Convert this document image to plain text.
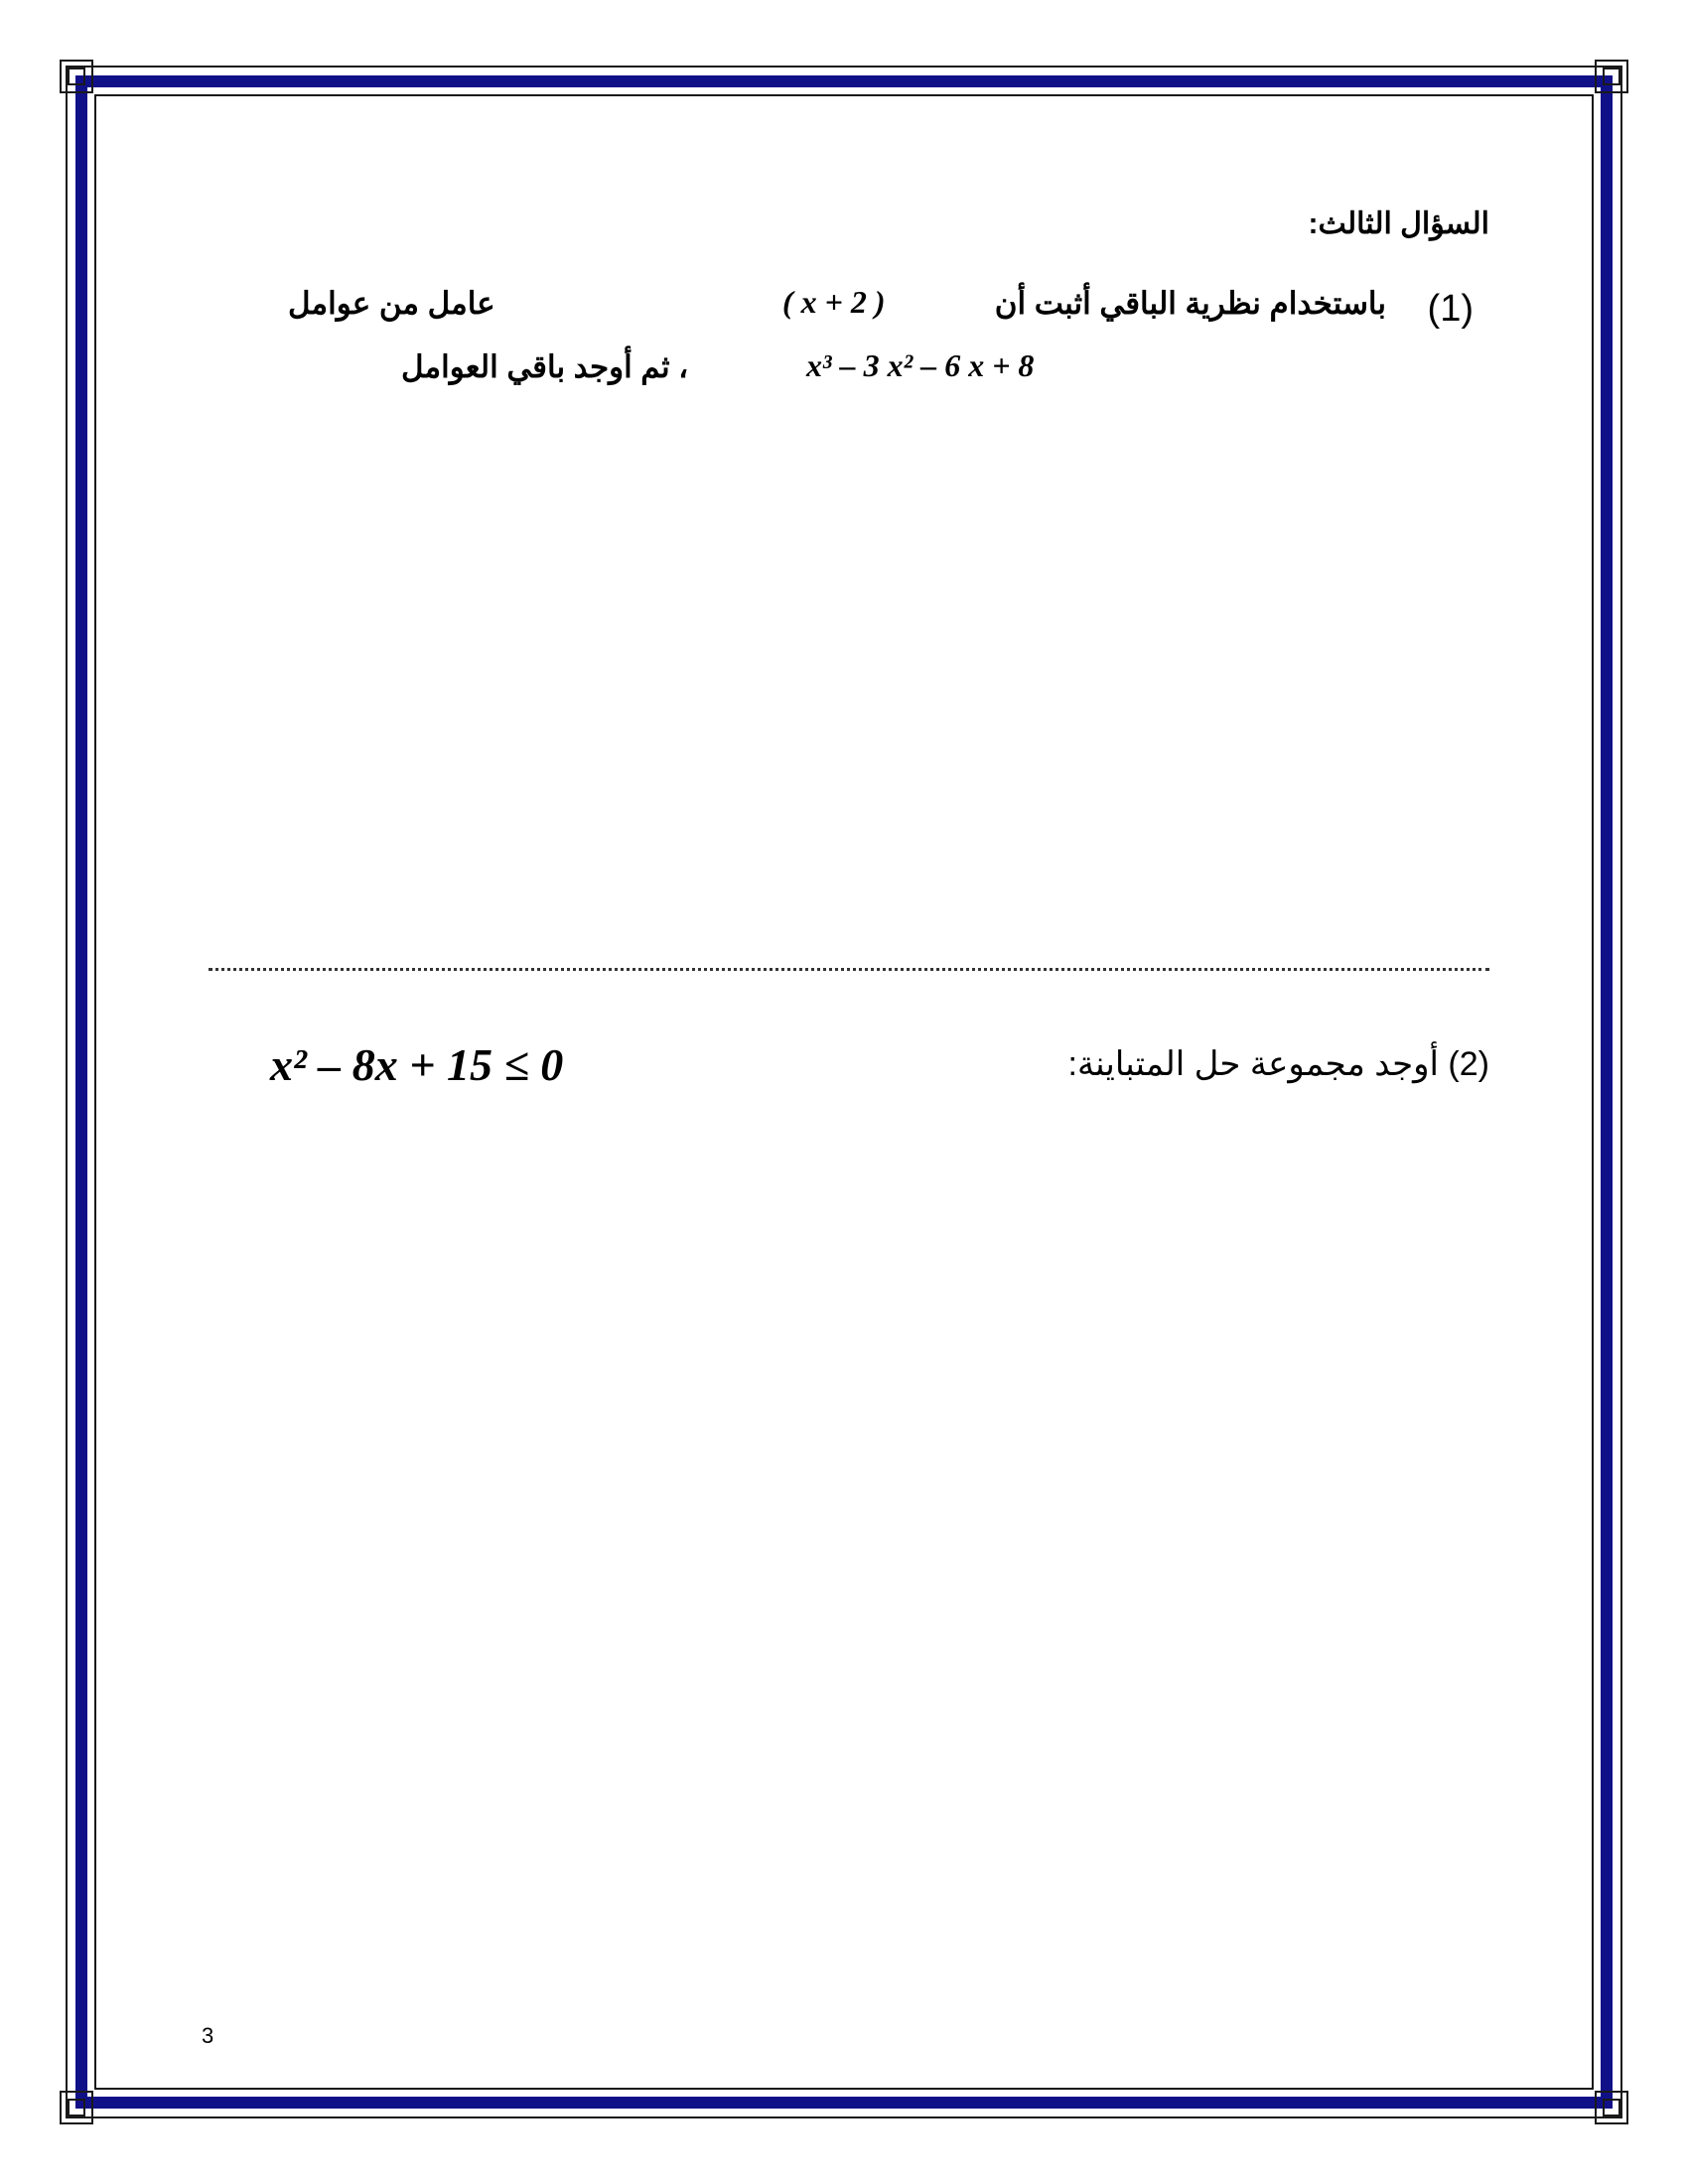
السؤال الثالث:
(1)
باستخدام نظرية الباقي أثبت أن
( x + 2 )
عامل من عوامل
x³ – 3 x² – 6 x + 8
، ثم أوجد باقي العوامل
(2) أوجد مجموعة حل المتباينة:
x² – 8x + 15 ≤ 0
3
